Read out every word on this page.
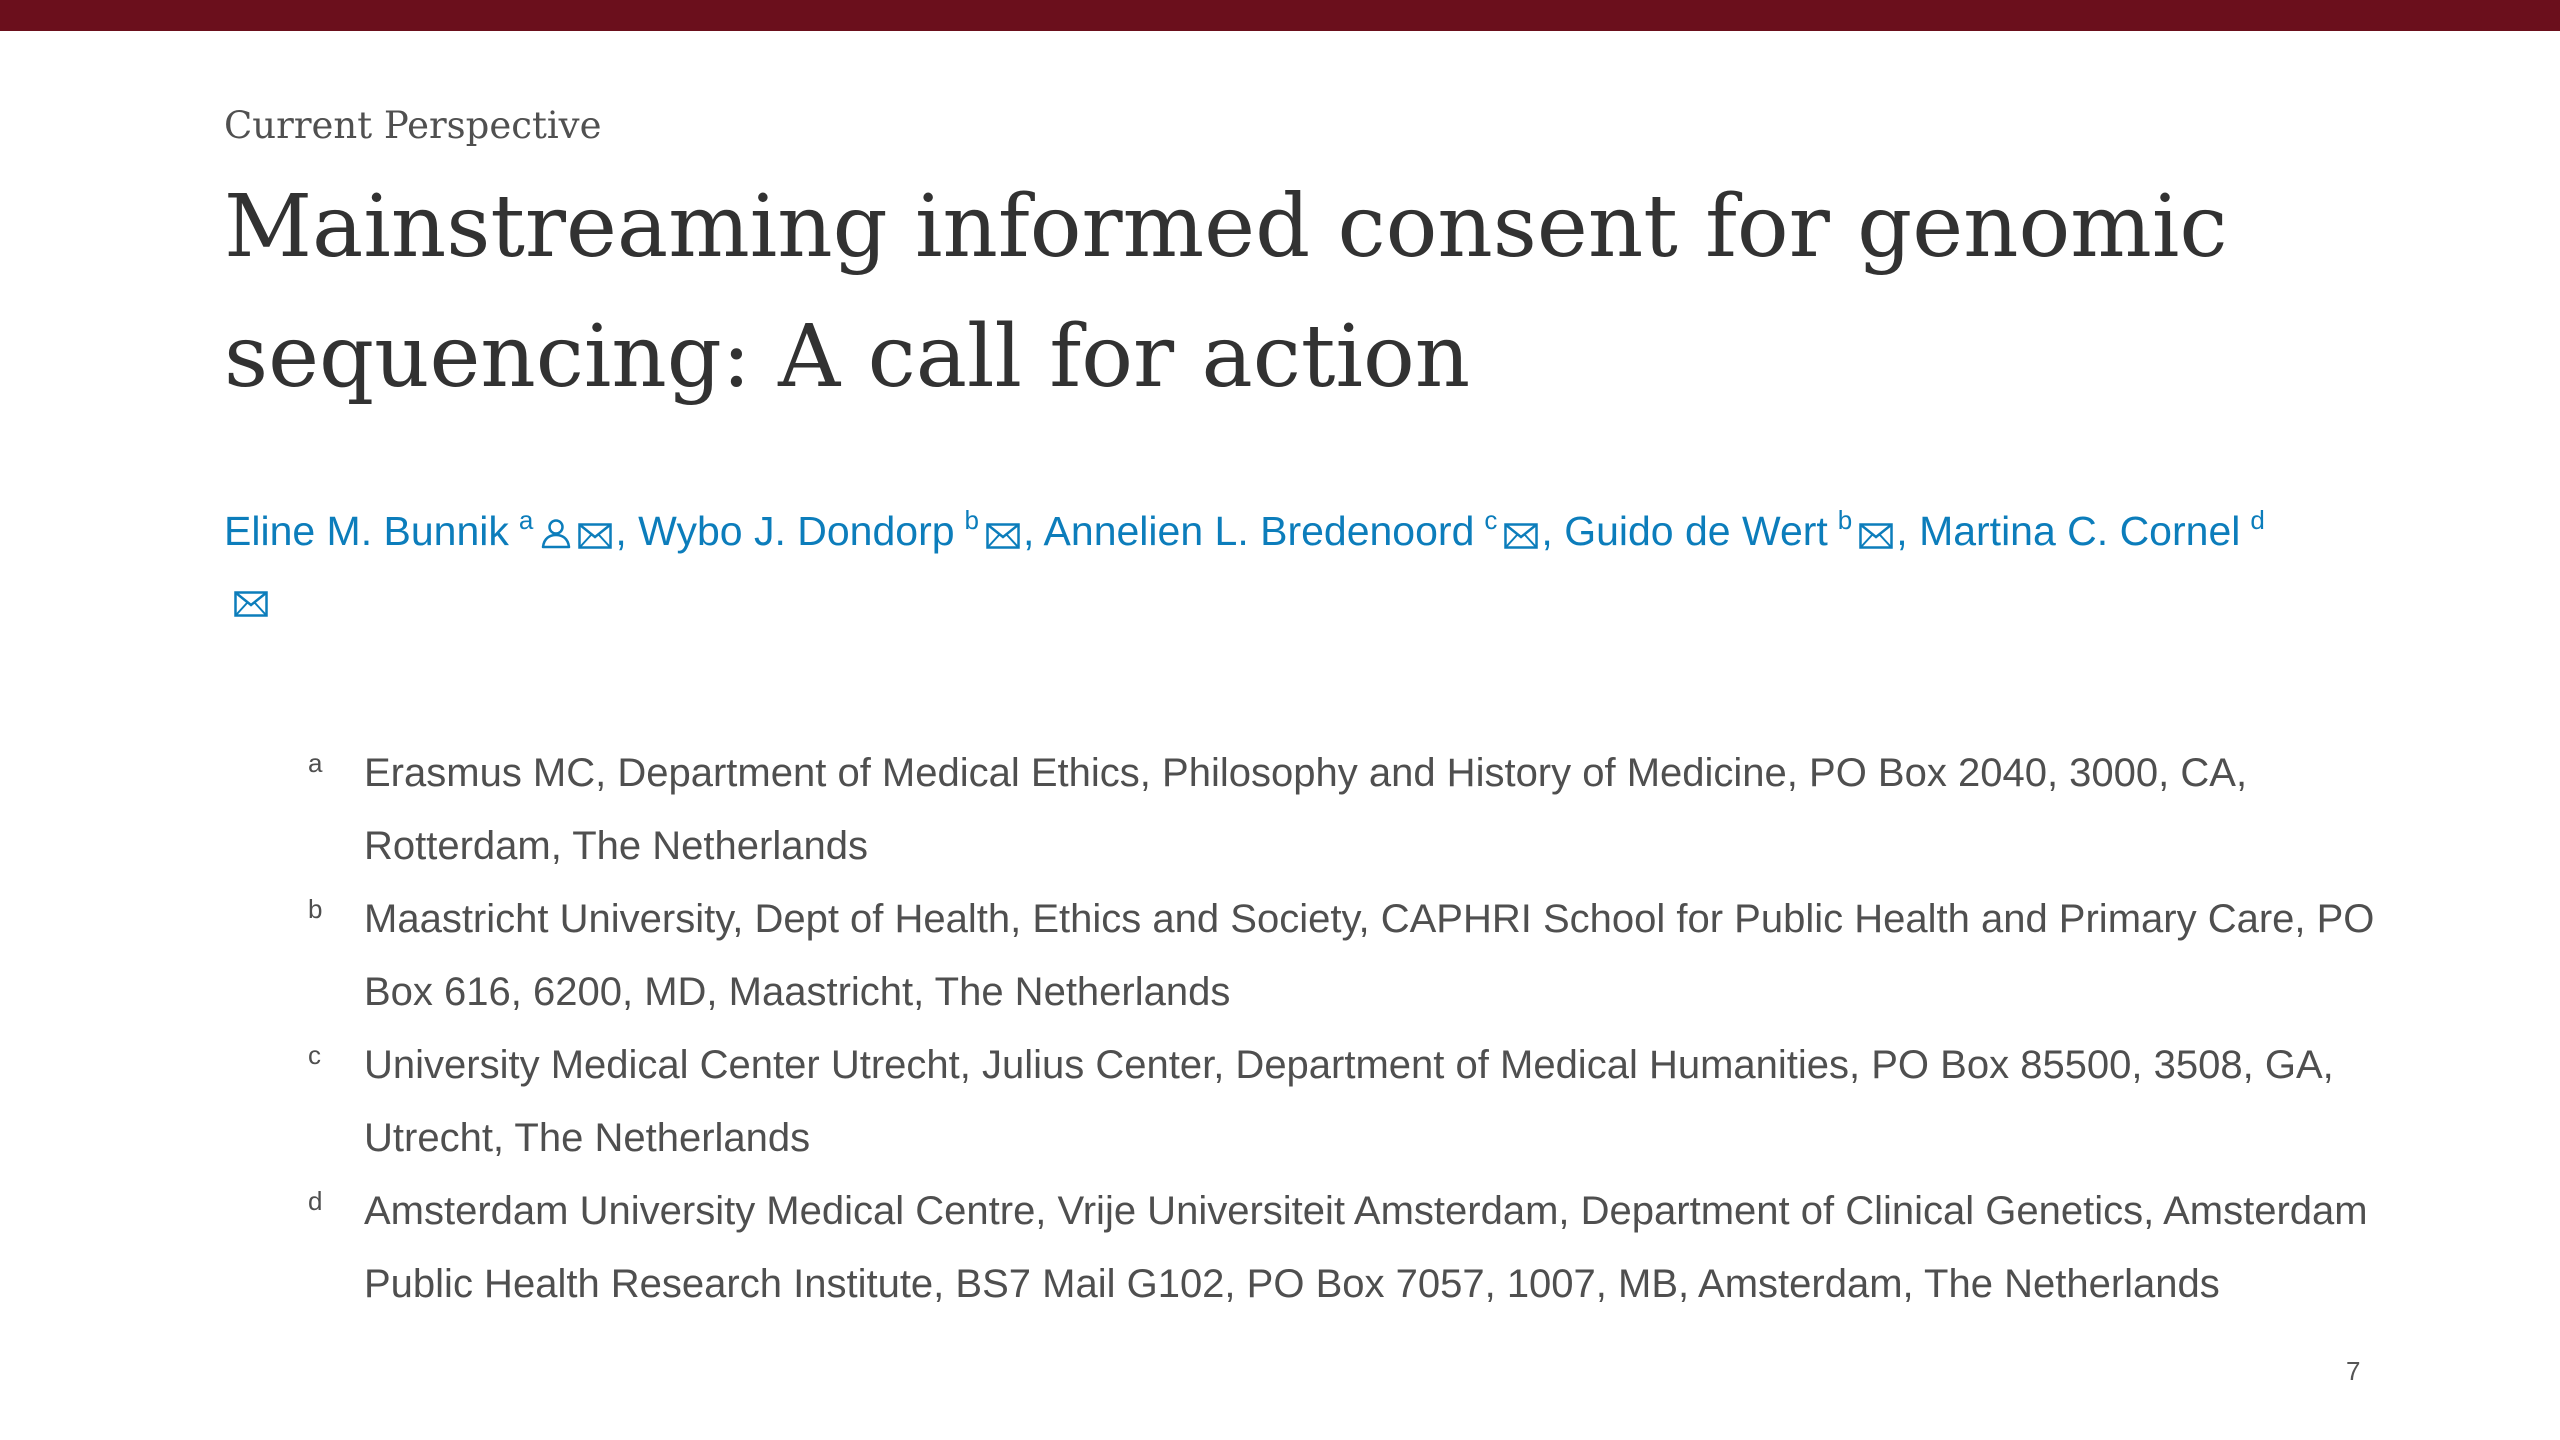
Current Perspective

Mainstreaming informed consent for genomic sequencing: A call for action
Eline M. Bunnik $^a$ , Wybo J. Dondorp $^b$ , Annelien L. Bredenoord $^c$ , Guido de Wert $^b$ , Martina C. Cornel $^d$

a Erasmus MC, Department of Medical Ethics, Philosophy and History of Medicine, PO Box 2040, 3000, CA, Rotterdam, The Netherlands
b Maastricht University, Dept of Health, Ethics and Society, CAPHRI School for Public Health and Primary Care, PO Box 616, 6200, MD, Maastricht, The Netherlands
c University Medical Center Utrecht, Julius Center, Department of Medical Humanities, PO Box 85500, 3508, GA, Utrecht, The Netherlands
d Amsterdam University Medical Centre, Vrije Universiteit Amsterdam, Department of Clinical Genetics, Amsterdam Public Health Research Institute, BS7 Mail G102, PO Box 7057, 1007, MB, Amsterdam, The Netherlands
7
